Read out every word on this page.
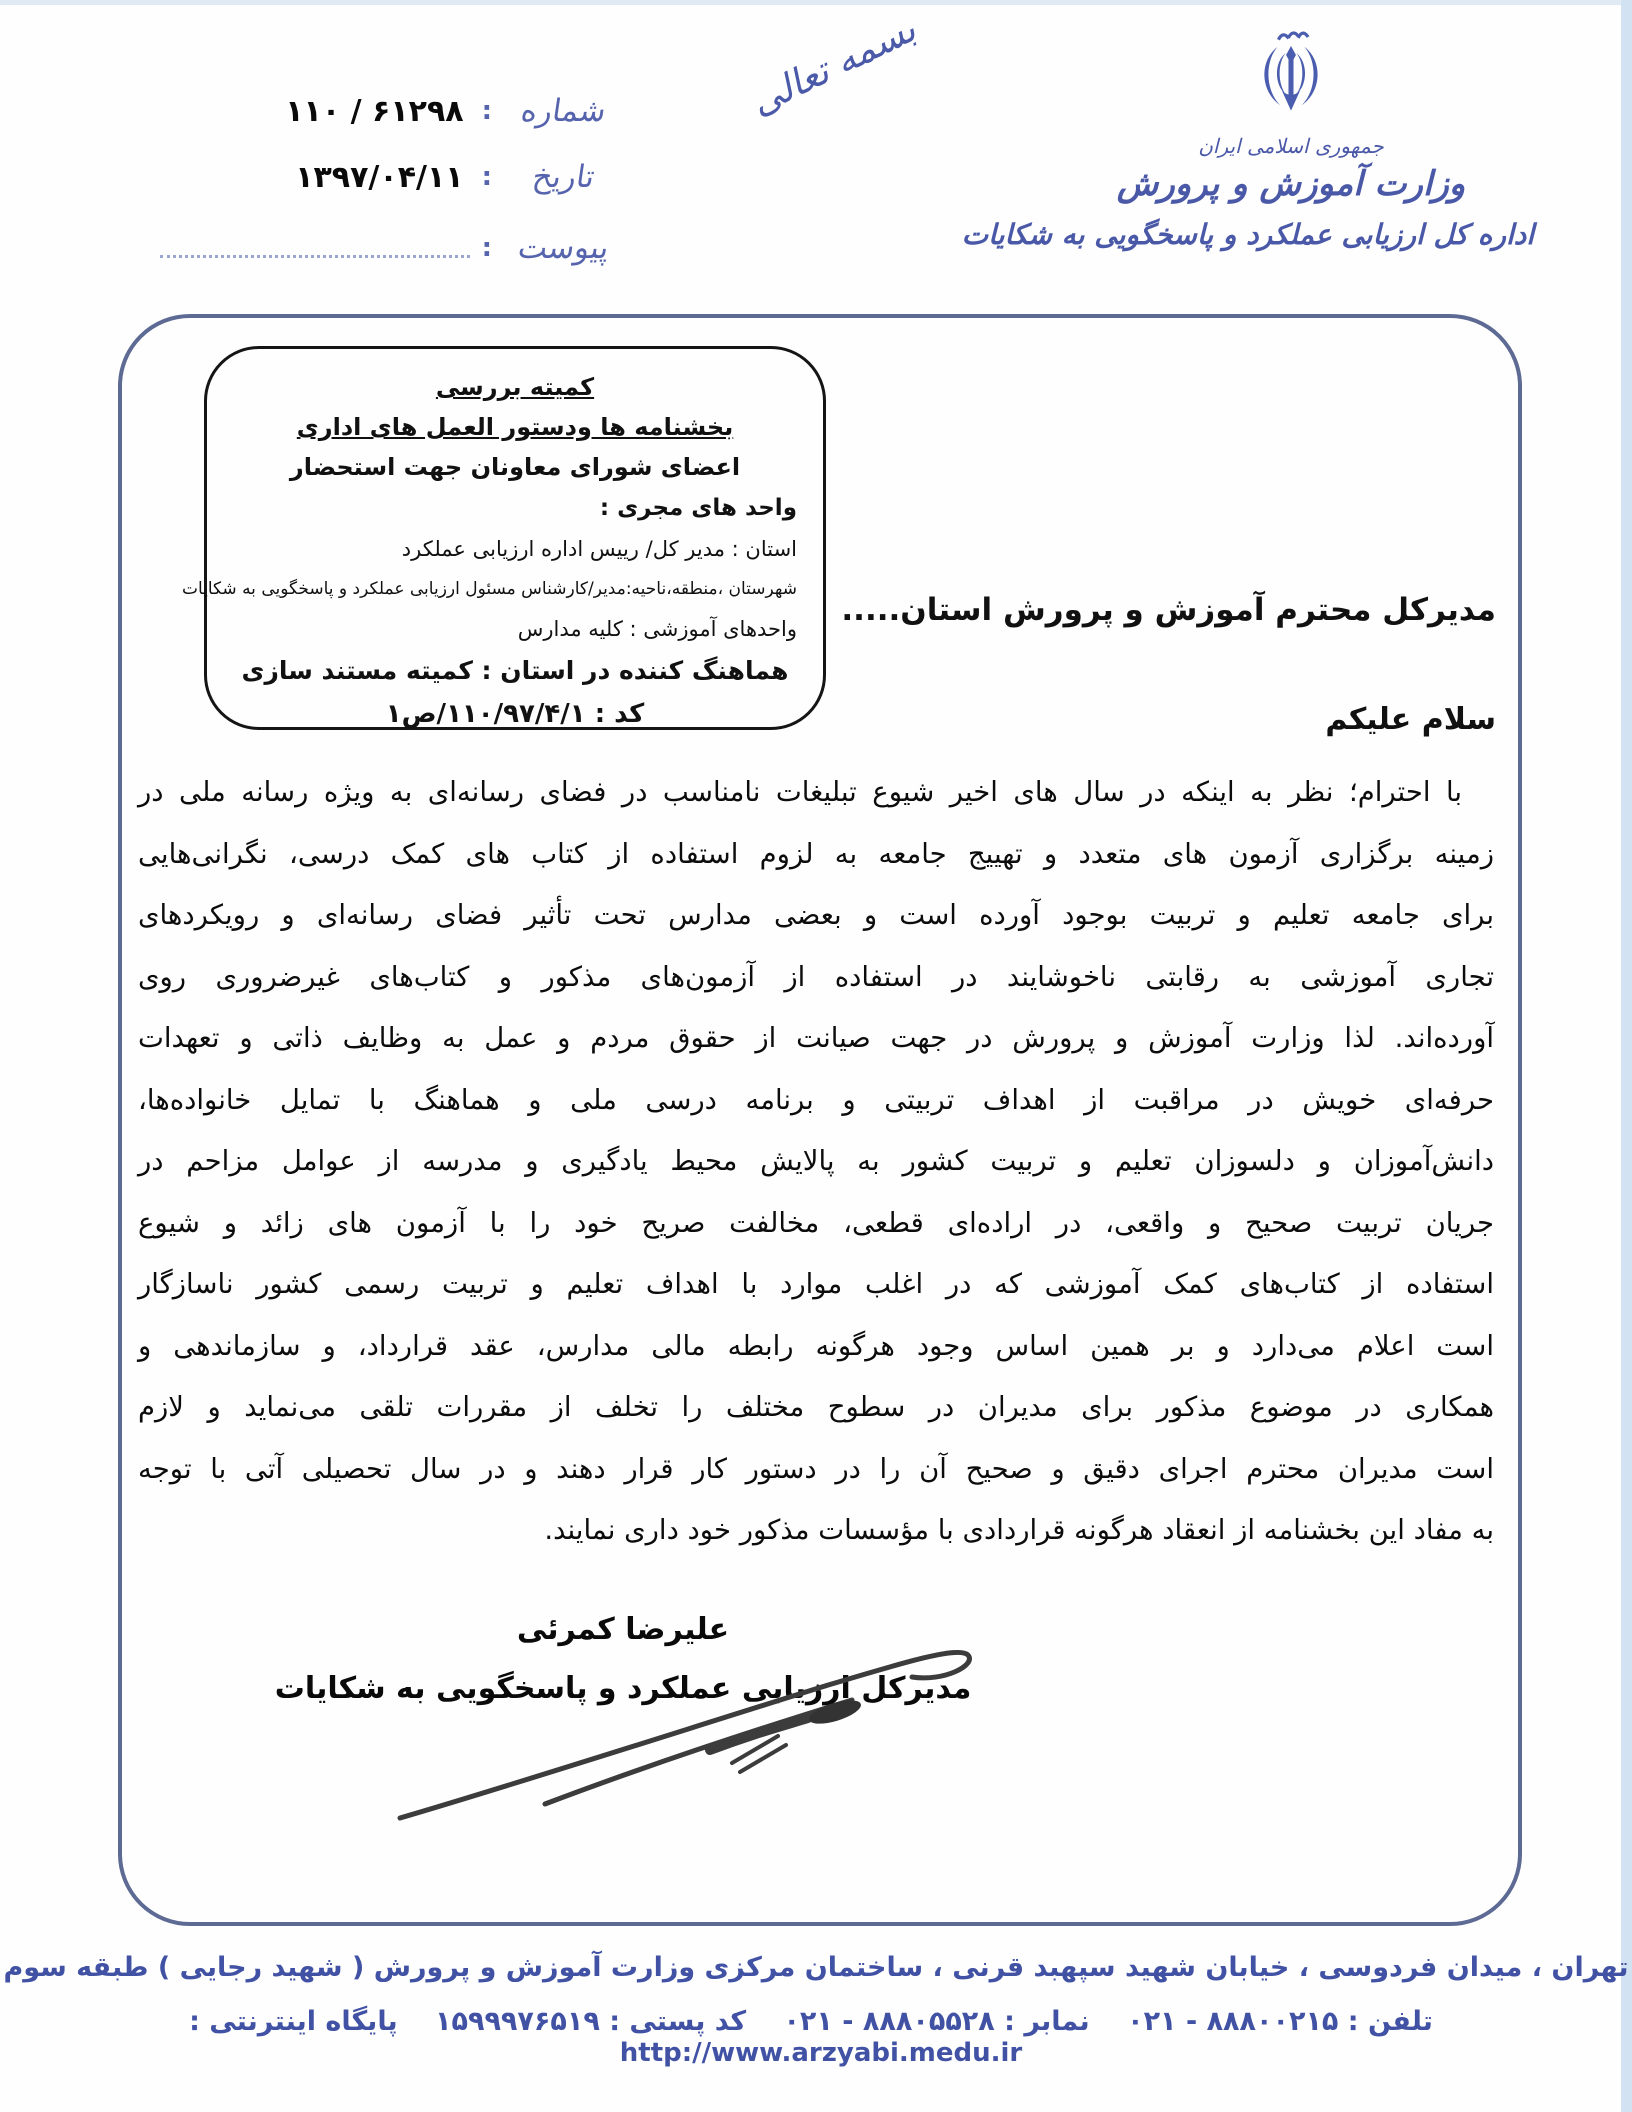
شماره
:
۱۱۰ / ۶۱۲۹۸
تاریخ
:
۱۳۹۷/۰۴/۱۱
پیوست
:
بسمه تعالی
جمهوری اسلامی ایران
وزارت آموزش و پرورش
اداره کل ارزیابی عملکرد و پاسخگویی به شکایات
کمیته بررسی
بخشنامه ها ودستور العمل های اداری
اعضای شورای معاونان جهت استحضار
واحد های مجری :
استان : مدیر کل/ رییس اداره ارزیابی عملکرد
شهرستان ،منطقه،ناحیه:مدیر/کارشناس مسئول ارزیابی عملکرد و پاسخگویی به شکایات
واحدهای آموزشی : کلیه مدارس
هماهنگ کننده در استان : کمیته مستند سازی
کد : ۱۱۰/۹۷/۴/۱/ص۱
مدیرکل محترم آموزش و پرورش استان.....
سلام علیکم
با احترام؛ نظر به اینکه در سال های اخیر شیوع تبلیغات نامناسب در فضای رسانه‌ای به ویژه رسانه ملی در
زمینه برگزاری آزمون های متعدد و تهییج جامعه به لزوم استفاده از کتاب های کمک درسی، نگرانی‌هایی
برای جامعه تعلیم و تربیت بوجود آورده است و بعضی مدارس تحت تأثیر فضای رسانه‌ای و رویکردهای
تجاری آموزشی به رقابتی ناخوشایند در استفاده از آزمون‌های مذکور و کتاب‌های غیرضروری روی
آورده‌اند. لذا وزارت آموزش و پرورش در جهت صیانت از حقوق مردم و عمل به وظایف ذاتی و تعهدات
حرفه‌ای خویش در مراقبت از اهداف تربیتی و برنامه درسی ملی و هماهنگ با تمایل خانواده‌ها،
دانش‌آموزان و دلسوزان تعلیم و تربیت کشور به پالایش محیط یادگیری و مدرسه از عوامل مزاحم در
جریان تربیت صحیح و واقعی، در اراده‌ای قطعی، مخالفت صریح خود را با آزمون های زائد و شیوع
استفاده از کتاب‌های کمک آموزشی که در اغلب موارد با اهداف تعلیم و تربیت رسمی کشور ناسازگار
است اعلام می‌دارد و بر همین اساس وجود هرگونه رابطه مالی مدارس، عقد قرارداد، و سازماندهی و
همکاری در موضوع مذکور برای مدیران در سطوح مختلف را تخلف از مقررات تلقی می‌نماید و لازم
است مدیران محترم اجرای دقیق و صحیح آن را در دستور کار قرار دهند و در سال تحصیلی آتی با توجه
به مفاد این بخشنامه از انعقاد هرگونه قراردادی با مؤسسات مذکور خود داری نمایند.
علیرضا کمرئی
مدیرکل ارزیابی عملکرد و پاسخگویی به شکایات
تهران ، میدان فردوسی ، خیابان شهید سپهبد قرنی ، ساختمان مرکزی وزارت آموزش و پرورش ( شهید رجایی ) طبقه سوم
تلفن : ۸۸۸۰۰۲۱۵ - ۰۲۱ نمابر : ۸۸۸۰۵۵۲۸ - ۰۲۱ کد پستی : ۱۵۹۹۹۷۶۵۱۹ پایگاه اینترنتی : http://www.arzyabi.medu.ir
